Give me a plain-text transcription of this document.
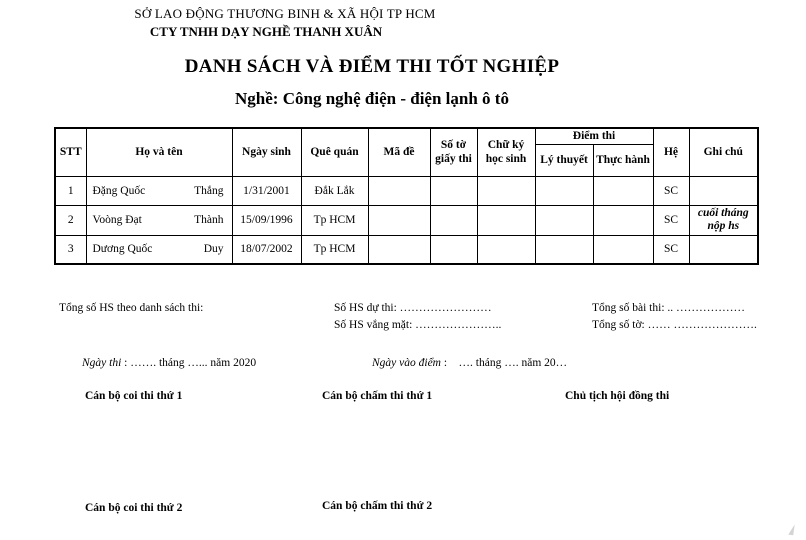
SỞ LAO ĐỘNG THƯƠNG BINH & XÃ HỘI TP HCM
CTY TNHH DẠY NGHỀ THANH XUÂN
DANH SÁCH VÀ ĐIỂM THI TỐT NGHIỆP
Nghề: Công nghệ điện - điện lạnh ô tô
STT	Họ và tên	Ngày sinh	Quê quán	Mã đề	Số tờ giấy thi	Chữ ký học sinh	Điểm thi		Hệ	Ghi chú
							Lý thuyết	Thực hành		
1	Đặng Quốc Thắng	1/31/2001	Đắk Lắk						SC	
2	Voòng Đạt Thành	15/09/1996	Tp HCM						SC	cuối tháng nộp hs
3	Dương Quốc Duy	18/07/2002	Tp HCM						SC	
Tổng số HS theo danh sách thi:	Số HS dự thi: ……………………
Số HS vắng mặt: …………………..
Tổng số bài thi: .. ………………
Tổng số tờ: …… ………………….
Ngày thi : ……. tháng …... năm 2020	Ngày vào điểm :    …. tháng …. năm 20…
Cán bộ coi thi thứ 1	Cán bộ chấm thi thứ 1	Chủ tịch hội đồng thi
Cán bộ coi thi thứ 2	Cán bộ chấm thi thứ 2
